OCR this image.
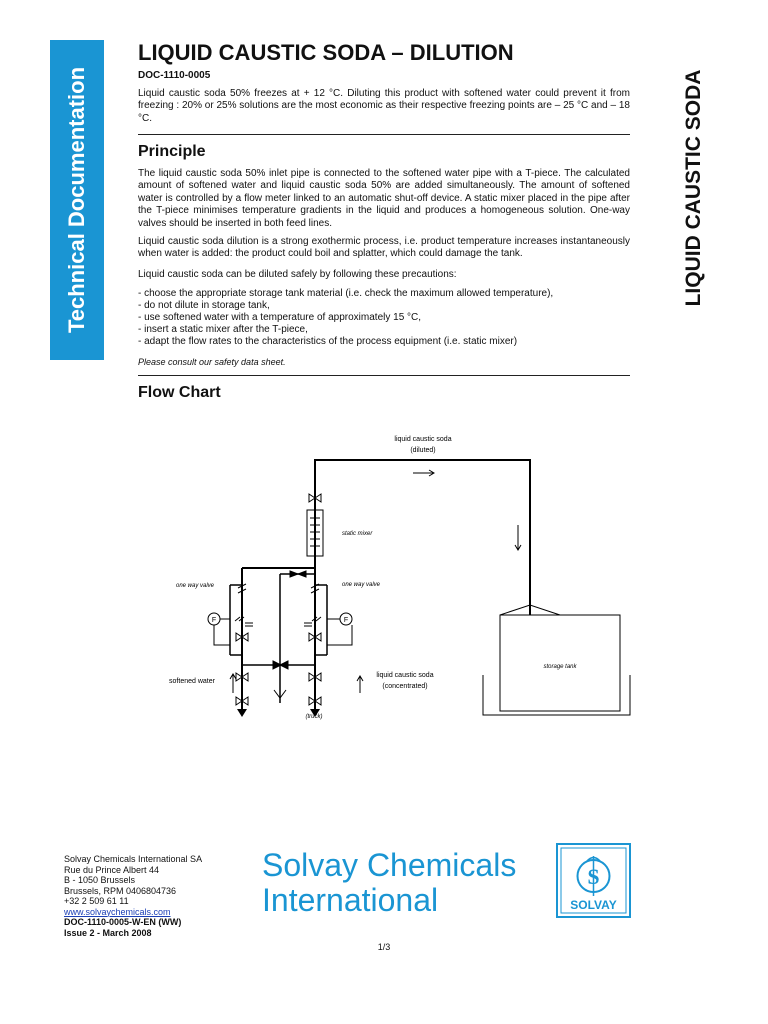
Technical Documentation	LIQUID CAUSTIC SODA
LIQUID CAUSTIC SODA – DILUTION
DOC-1110-0005

Liquid caustic soda 50% freezes at + 12 °C. Diluting this product with softened water could prevent it from freezing : 20% or 25% solutions are the most economic as their respective freezing points are – 25 °C and – 18 °C.

Principle

The liquid caustic soda 50% inlet pipe is connected to the softened water pipe with a T-piece. The calculated amount of softened water and liquid caustic soda 50% are added simultaneously. The amount of softened water is controlled by a flow meter linked to an automatic shut-off device. A static mixer placed in the pipe after the T-piece minimises temperature gradients in the liquid and produces a homogeneous solution. One-way valves should be inserted in both feed lines.

Liquid caustic soda dilution is a strong exothermic process, i.e. product temperature increases instantaneously when water is added: the product could boil and splatter, which could damage the tank.

Liquid caustic soda can be diluted safely by following these precautions:

- choose the appropriate storage tank material (i.e. check the maximum allowed temperature),
- do not dilute in storage tank,
- use softened water with a temperature of approximately 15 °C,
- insert a static mixer after the T-piece,
- adapt the flow rates to the characteristics of the process equipment (i.e. static mixer)
Please consult our safety data sheet.
Flow Chart
liquid caustic soda
(diluted)
static mixer
one way valve	one way valve
F	F
softened water
liquid caustic soda
(concentrated)
(truck)
storage tank
Solvay Chemicals International SA
Rue du Prince Albert 44
B - 1050 Brussels
Brussels, RPM 0406804736
+32 2 509 61 11
www.solvaychemicals.com
DOC-1110-0005-W-EN (WW)
Issue 2 - March 2008
Solvay Chemicals
International
S
SOLVAY
1/3
